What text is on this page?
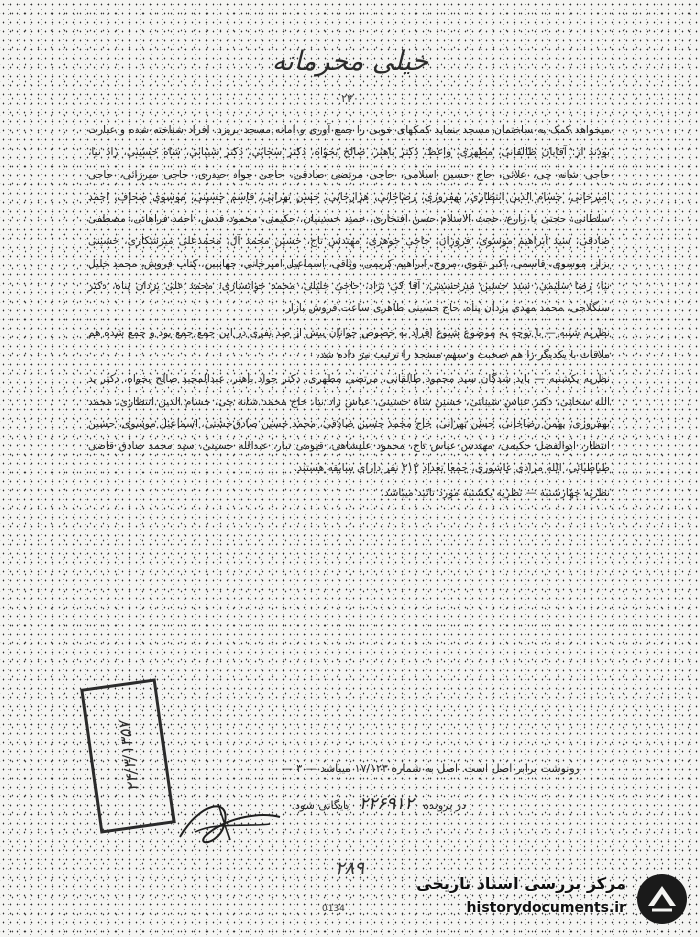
خیلی محرمانه
۲۳۰

میخواهد کمک به ساختمان مسجد بنماید کمکهای خوبی را جمع آوری و امانه مسجد بریزد. افراد شناخته شده و عبارت بودند از: آقایان طالقانی، مطهری، واعظ، دکتر باهنر، صالح بخواه، دکتر سحابی، دکتر شیبانی، شاه حسینی، راد نیا، حاجی شانه چی، علائی، حاج حسین اسلامی، حاجی مرتضی صادقی، حاجی جواد حیدری، حاجی میرزائی، حاجی امیرخانی، حسام الدین انتظاری، بهفروزی، رضاخانی، هزارخانی، حسن تهرانی، قاسم حسینی، موسوی صحاف، احمد سلطانی، حجتی یا زارع، حجت الاسلام حسن افتخاری، حمید حسینیان، حکیمی، محمود قدس، احمد فراهانی، مصطفی صادقی، سید ابراهیم موسوی، فروزان، حاجی جوهری، مهندس تاج، حسین محمد آل، محمدعلی میرشکاری، حسینی بزاز، موسوی، قاسمی، اکبر تقوی، مروج، ابراهیم کریمی، وثاقی، اسماعیل امیرخانی، جهانبین، کتاب فروش، محمد خلیل نیا، رضا سلیمی، سید حسین میرحسینی، آقا کی نژاد، حاجی جلیلی، محمد خوانساری، محمد علی یزدان پناه، دکتر سنگلاجی، محمد مهدی یزدان پناه، حاج حسینی طاهری ساعت فروش بازار.

نظریه شنبه — با توجه به موضوع شیوع افراد به خصوص جوانان بیش از صد نفری در این جمع جمع بود و جمع شده هم ملاقات با یکدیگر را هم صحبت و سهم مسجد را ترتیب نیز داده شد.

نظریه یکشنبه — باید شدگان سید محمود طالقانی، مرتضی مطهری، دکتر جواد باهنر، عبدالمجید صالح بخواه، دکتر ید الله سحابی، دکتر عباس شیبانی، حسین شاه حسینی، عباس راد نیا، حاج محمد شانه چی، حسام الدین انتظاری، محمد بهفروزی، بهمن رضاخانی، حسن تهرانی، حاج محمد حسین صادقی، محمد حسین صادق‌خشتی، اسماعیل موسوی، حسین انتظار، ابوالفضل حکیمی، مهندس عباس تاج، محمود علیشاهی، قیومی تبار، عبدالله حسینی، سید محمد صادق قاضی طباطبائی، الله مرادی عاشوری، جمعا تعداد ۲۱۲ نفر دارای سابقه هستند.

نظریه چهارشنبه — نظریه یکشنبه مورد تائید میباشد.

۲۴/۳/۱۳۵۷	رونوشت برابر اصل است. اصل به شماره ۱۷/۱۲۳ میباشد — ۳ —
در پرونده ۲۲۶۹۱۲ بایگانی شود.
۲۸۹
0134
مرکز بررسی اسناد تاریخی
historydocuments.ir
